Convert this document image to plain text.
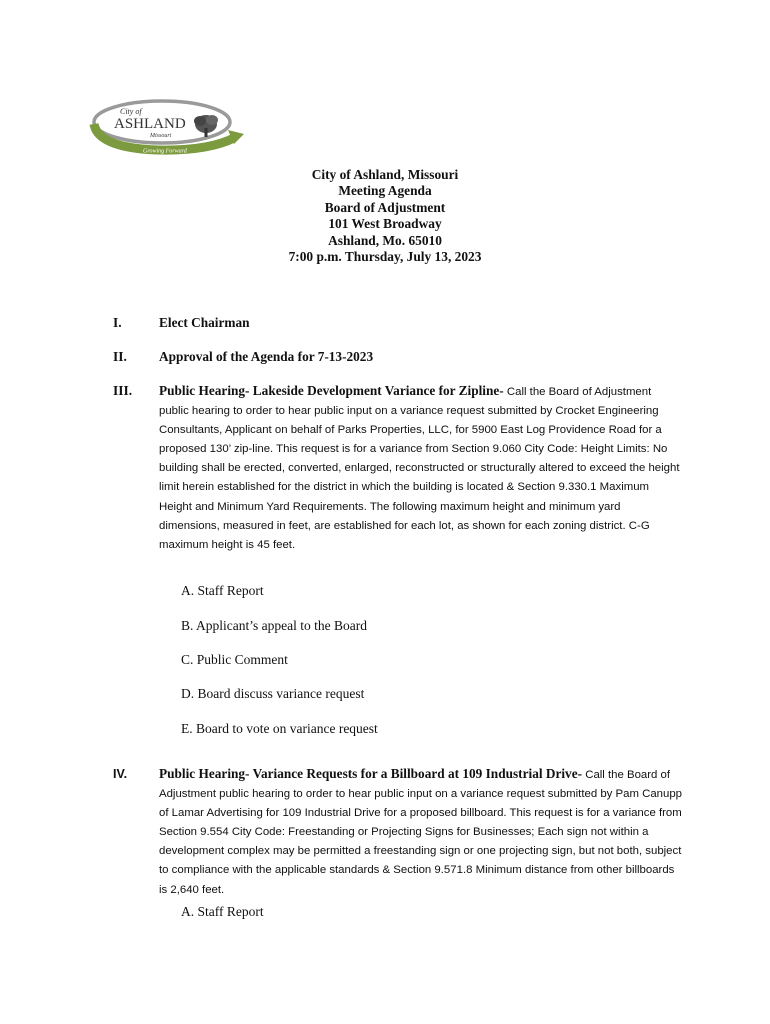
City of
ASHLAND
Missouri
Growing Forward
City of Ashland, Missouri
Meeting Agenda
Board of Adjustment
101 West Broadway
Ashland, Mo. 65010
7:00 p.m. Thursday, July 13, 2023
I.	Elect Chairman
II. Approval of the Agenda for 7-13-2023
III. Public Hearing- Lakeside Development Variance for Zipline- Call the Board of Adjustment public hearing to order to hear public input on a variance request submitted by Crocket Engineering Consultants, Applicant on behalf of Parks Properties, LLC, for 5900 East Log Providence Road for a proposed 130’ zip-line. This request is for a variance from Section 9.060 City Code: Height Limits: No building shall be erected, converted, enlarged, reconstructed or structurally altered to exceed the height limit herein established for the district in which the building is located & Section 9.330.1 Maximum Height and Minimum Yard Requirements. The following maximum height and minimum yard dimensions, measured in feet, are established for each lot, as shown for each zoning district. C-G maximum height is 45 feet.
A. Staff Report
B. Applicant’s appeal to the Board
C. Public Comment
D. Board discuss variance request
E. Board to vote on variance request
IV. Public Hearing- Variance Requests for a Billboard at 109 Industrial Drive- Call the Board of Adjustment public hearing to order to hear public input on a variance request submitted by Pam Canupp of Lamar Advertising for 109 Industrial Drive for a proposed billboard. This request is for a variance from Section 9.554 City Code: Freestanding or Projecting Signs for Businesses; Each sign not within a development complex may be permitted a freestanding sign or one projecting sign, but not both, subject to compliance with the applicable standards & Section 9.571.8 Minimum distance from other billboards is 2,640 feet.
A. Staff Report
